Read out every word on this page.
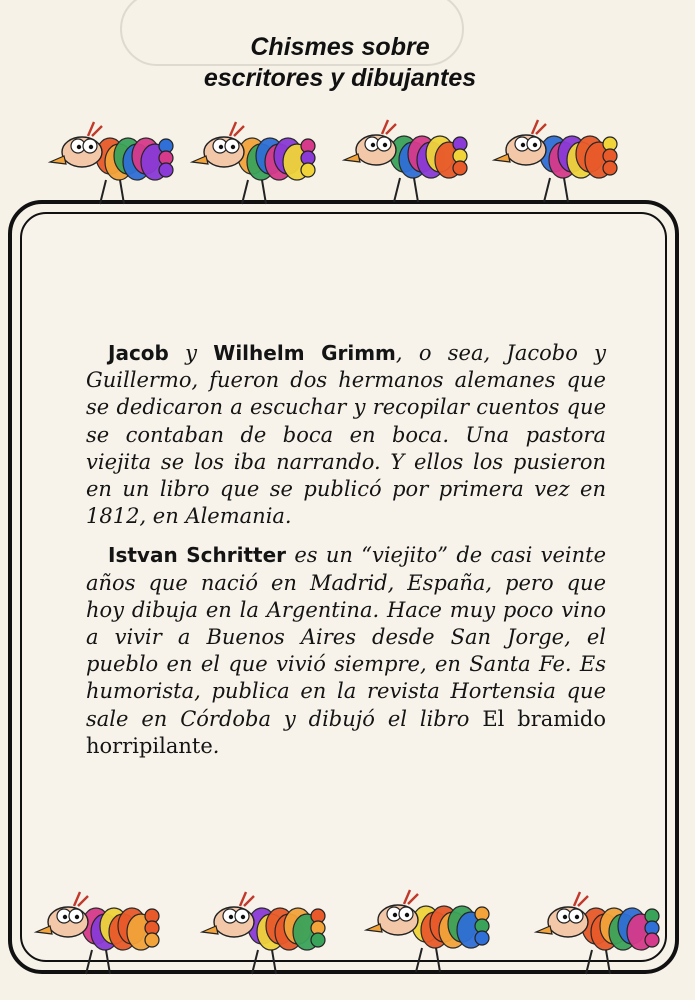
Chismes sobre
escritores y dibujantes

Jacob y Wilhelm Grimm, o sea, Jacobo y Guillermo, fueron dos hermanos alemanes que se dedicaron a escuchar y recopilar cuentos que se contaban de boca en boca. Una pastora viejita se los iba narrando. Y ellos los pusieron en un libro que se publicó por primera vez en 1812, en Alemania.

Istvan Schritter es un “viejito” de casi veinte años que nació en Madrid, España, pero que hoy dibuja en la Argentina. Hace muy poco vino a vivir a Buenos Aires desde San Jorge, el pueblo en el que vivió siempre, en Santa Fe. Es humorista, publica en la revista Hortensia que sale en Córdoba y dibujó el libro El bramido horripilante.
